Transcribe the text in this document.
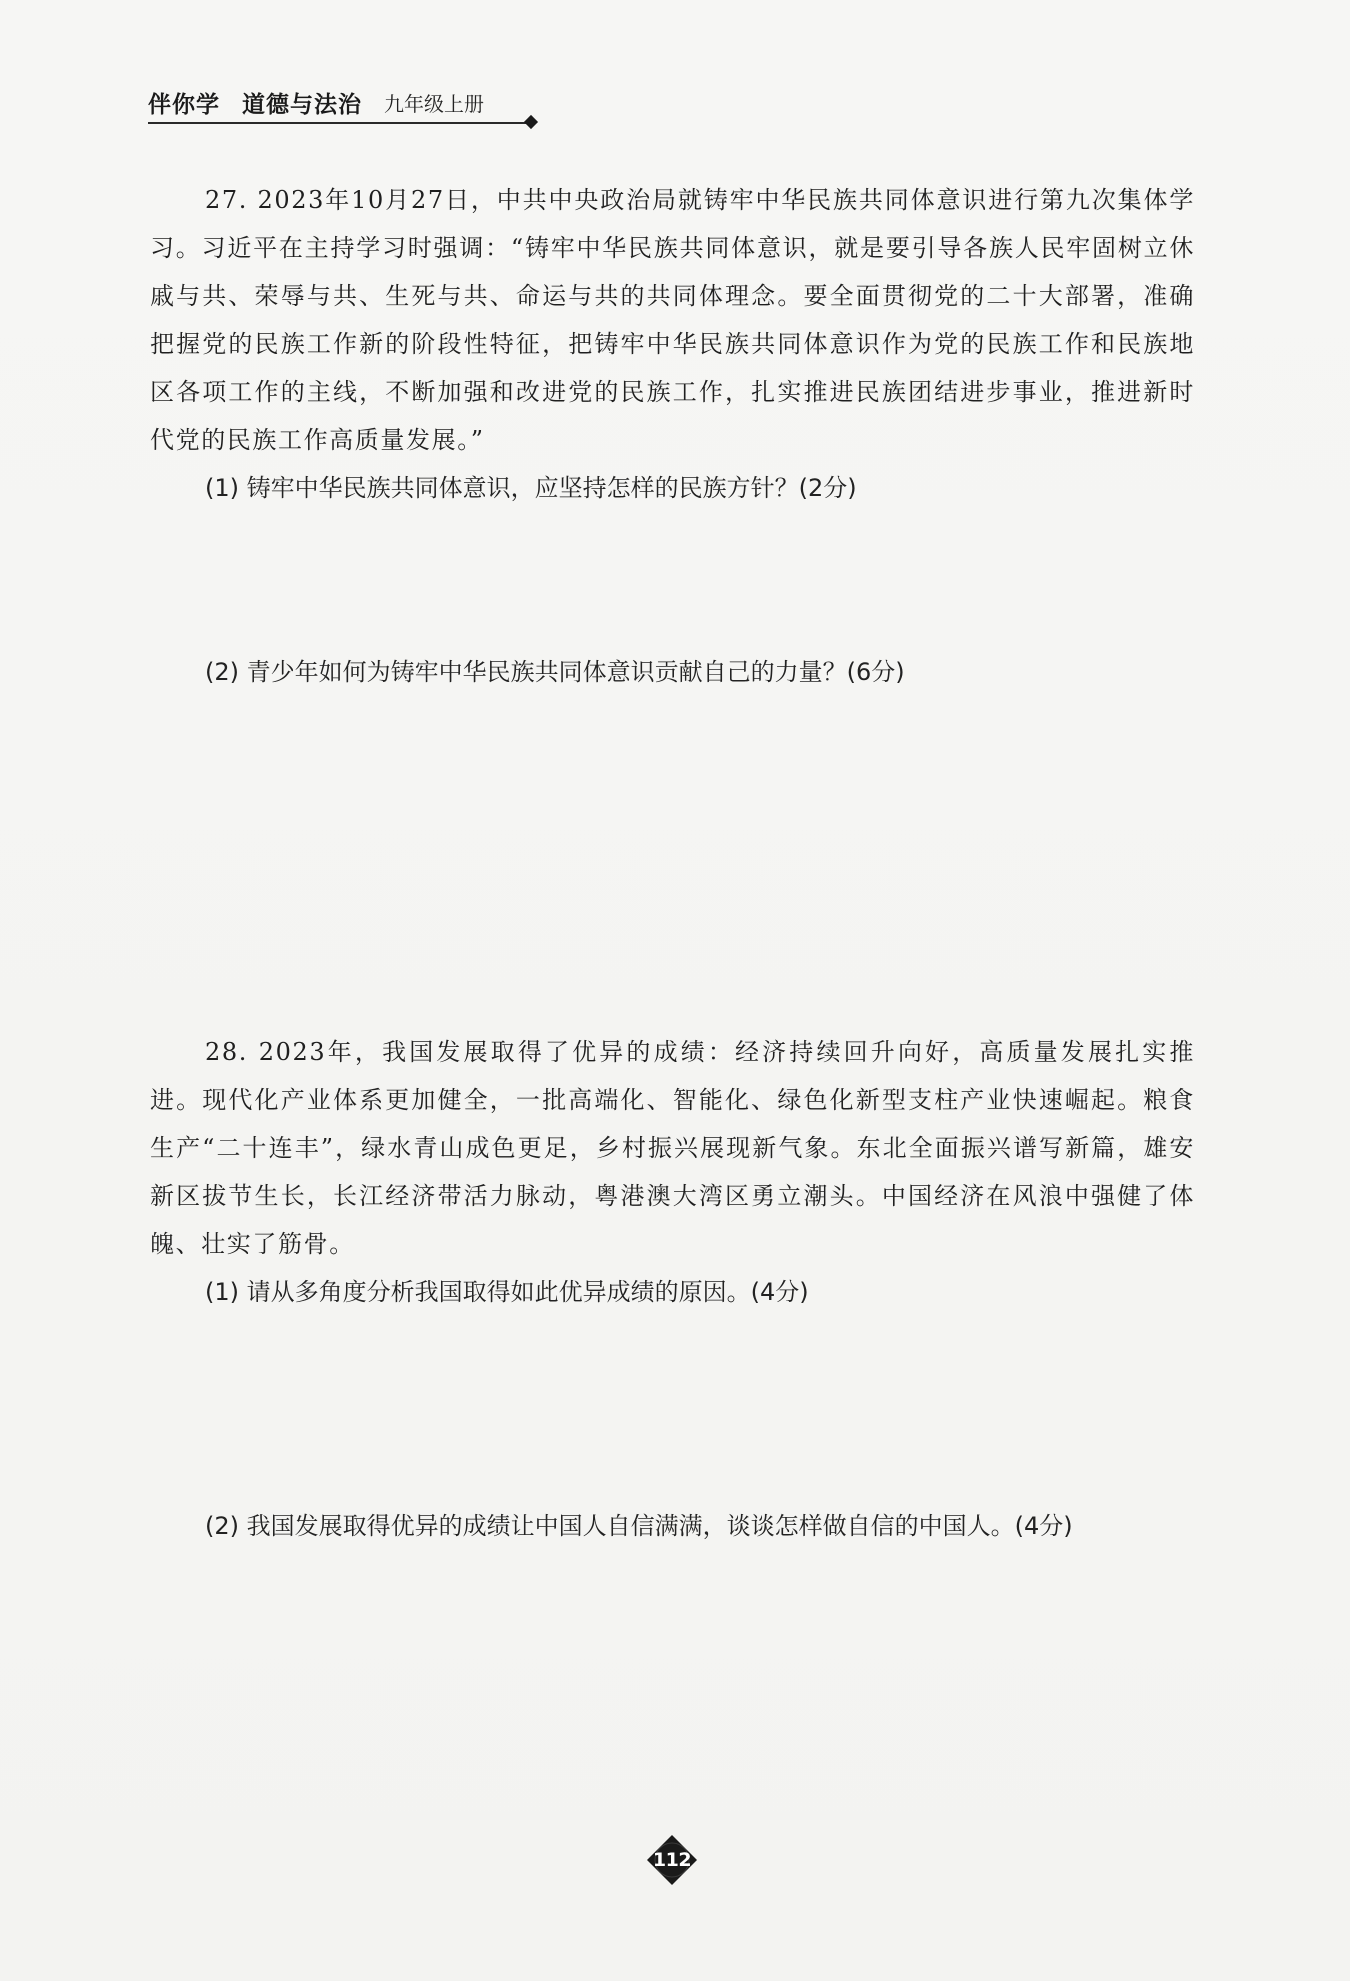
伴你学 道德与法治 九年级上册

27. 2023年10月27日，中共中央政治局就铸牢中华民族共同体意识进行第九次集体学习。习近平在主持学习时强调：“铸牢中华民族共同体意识，就是要引导各族人民牢固树立休戚与共、荣辱与共、生死与共、命运与共的共同体理念。要全面贯彻党的二十大部署，准确把握党的民族工作新的阶段性特征，把铸牢中华民族共同体意识作为党的民族工作和民族地区各项工作的主线，不断加强和改进党的民族工作，扎实推进民族团结进步事业，推进新时代党的民族工作高质量发展。”

(1) 铸牢中华民族共同体意识，应坚持怎样的民族方针？(2分)

(2) 青少年如何为铸牢中华民族共同体意识贡献自己的力量？(6分)

28. 2023年，我国发展取得了优异的成绩：经济持续回升向好，高质量发展扎实推进。现代化产业体系更加健全，一批高端化、智能化、绿色化新型支柱产业快速崛起。粮食生产“二十连丰”，绿水青山成色更足，乡村振兴展现新气象。东北全面振兴谱写新篇，雄安新区拔节生长，长江经济带活力脉动，粤港澳大湾区勇立潮头。中国经济在风浪中强健了体魄、壮实了筋骨。

(1) 请从多角度分析我国取得如此优异成绩的原因。(4分)

(2) 我国发展取得优异的成绩让中国人自信满满，谈谈怎样做自信的中国人。(4分)

112
